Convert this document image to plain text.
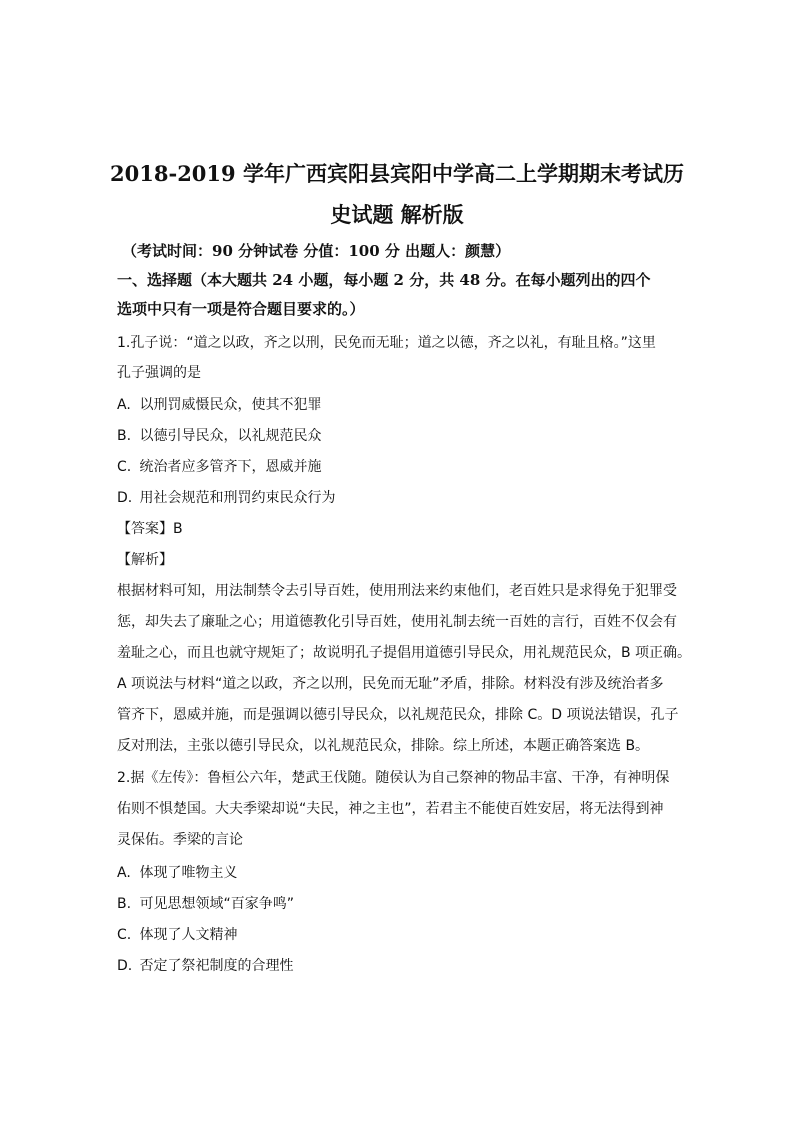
2018-2019 学年广西宾阳县宾阳中学高二上学期期末考试历
史试题 解析版
（考试时间：90 分钟试卷 分值：100 分 出题人：颜慧）
一、选择题（本大题共 24 小题，每小题 2 分，共 48 分。在每小题列出的四个
选项中只有一项是符合题目要求的。）
1.孔子说：“道之以政，齐之以刑，民免而无耻；道之以德，齐之以礼，有耻且格。”这里
孔子强调的是
A. 以刑罚威慑民众，使其不犯罪
B. 以德引导民众，以礼规范民众
C. 统治者应多管齐下，恩威并施
D. 用社会规范和刑罚约束民众行为
【答案】B
【解析】
根据材料可知，用法制禁令去引导百姓，使用刑法来约束他们，老百姓只是求得免于犯罪受
惩，却失去了廉耻之心；用道德教化引导百姓，使用礼制去统一百姓的言行，百姓不仅会有
羞耻之心，而且也就守规矩了；故说明孔子提倡用道德引导民众，用礼规范民众，B 项正确。
A 项说法与材料“道之以政，齐之以刑，民免而无耻”矛盾，排除。材料没有涉及统治者多
管齐下，恩威并施，而是强调以德引导民众，以礼规范民众，排除 C。D 项说法错误，孔子
反对刑法，主张以德引导民众，以礼规范民众，排除。综上所述，本题正确答案选 B。
2.据《左传》：鲁桓公六年，楚武王伐随。随侯认为自己祭神的物品丰富、干净，有神明保
佑则不惧楚国。大夫季梁却说“夫民，神之主也”，若君主不能使百姓安居，将无法得到神
灵保佑。季梁的言论
A. 体现了唯物主义
B. 可见思想领域“百家争鸣”
C. 体现了人文精神
D. 否定了祭祀制度的合理性
